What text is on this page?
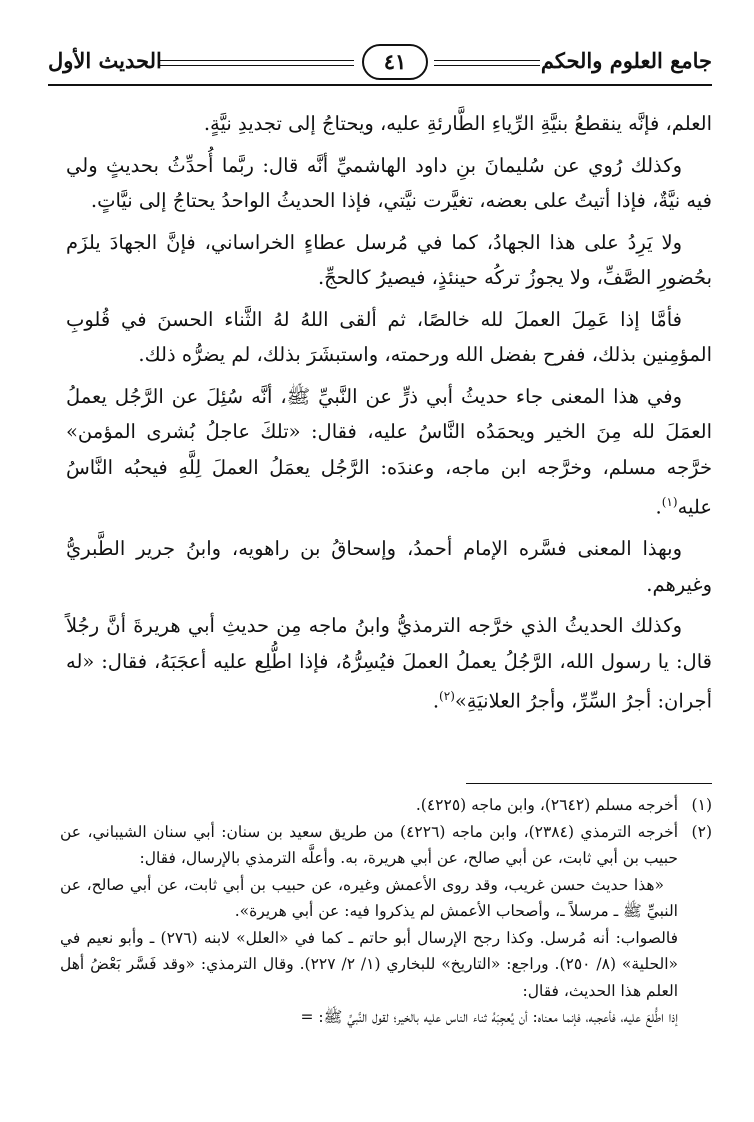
جامع العلوم والحكم
٤١
الحديث الأول

العلم، فإنَّه ينقطعُ بنيَّةِ الرِّياءِ الطَّارئةِ عليه، ويحتاجُ إلى تجديدِ نيَّةٍ.

وكذلك رُوي عن سُليمانَ بنِ داود الهاشميِّ أنَّه قال: ربَّما أُحدِّثُ بحديثٍ ولي فيه نيَّةٌ، فإذا أتيتُ على بعضه، تغيَّرت نيَّتي، فإذا الحديثُ الواحدُ يحتاجُ إلى نيَّاتٍ.

ولا يَرِدُ على هذا الجهادُ، كما في مُرسل عطاءٍ الخراساني، فإنَّ الجهادَ يلزَم بحُضورِ الصَّفِّ، ولا يجوزُ تركُه حينئذٍ، فيصيرُ كالحجِّ.

فأمَّا إذا عَمِلَ العملَ لله خالصًا، ثم ألقى اللهُ لهُ الثَّناء الحسنَ في قُلوبِ المؤمِنين بذلك، ففرح بفضل الله ورحمته، واستبشَرَ بذلك، لم يضرُّه ذلك.

وفي هذا المعنى جاء حديثُ أبي ذرٍّ عن النَّبيِّ ﷺ، أنَّه سُئِلَ عن الرَّجُل يعملُ العمَلَ لله مِنَ الخير ويحمَدُه النَّاسُ عليه، فقال: «تلكَ عاجلُ بُشرى المؤمن» خرَّجه مسلم، وخرَّجه ابن ماجه، وعندَه: الرَّجُل يعمَلُ العملَ لِلَّهِ فيحبُه النَّاسُ عليه$^{(١)}$.

وبهذا المعنى فسَّره الإمام أحمدُ، وإسحاقُ بن راهويه، وابنُ جرير الطَّبريُّ وغيرهم.

وكذلك الحديثُ الذي خرَّجه الترمذيُّ وابنُ ماجه مِن حديثِ أبي هريرةَ أنَّ رجُلاً قال: يا رسول الله، الرَّجُلُ يعملُ العملَ فيُسِرُّهُ، فإذا اطُّلِع عليه أعجَبَهُ، فقال: «له أجران: أجرُ السِّرِّ، وأجرُ العلانيَةِ»$^{(٢)}$.

(١)

أخرجه مسلم (٢٦٤٢)، وابن ماجه (٤٢٢٥).

(٢)

أخرجه الترمذي (٢٣٨٤)، وابن ماجه (٤٢٢٦) من طريق سعيد بن سنان: أبي سنان الشيباني، عن حبيب بن أبي ثابت، عن أبي صالح، عن أبي هريرة، به. وأعلَّه الترمذي بالإرسال، فقال:

«هذا حديث حسن غريب، وقد روى الأعمش وغيره، عن حبيب بن أبي ثابت، عن أبي صالح، عن النبيِّ ﷺ ـ مرسلاً ـ، وأصحاب الأعمش لم يذكروا فيه: عن أبي هريرة».

فالصواب: أنه مُرسل. وكذا رجح الإرسال أبو حاتم ـ كما في «العلل» لابنه (٢٧٦) ـ وأبو نعيم في «الحلية» (٨/ ٢٥٠). وراجع: «التاريخ» للبخاري (١/ ٢/ ٢٢٧). وقال الترمذي: «وقد فَسَّر بَعْضُ أهل العلم هذا الحديث، فقال:

إذا اطُّلعَ عليه، فأعجبه، فإنما معناه: أن يُعجِبَهُ ثناء الناس عليه بالخير؛ لقول النَّبيِّ ﷺ: =
